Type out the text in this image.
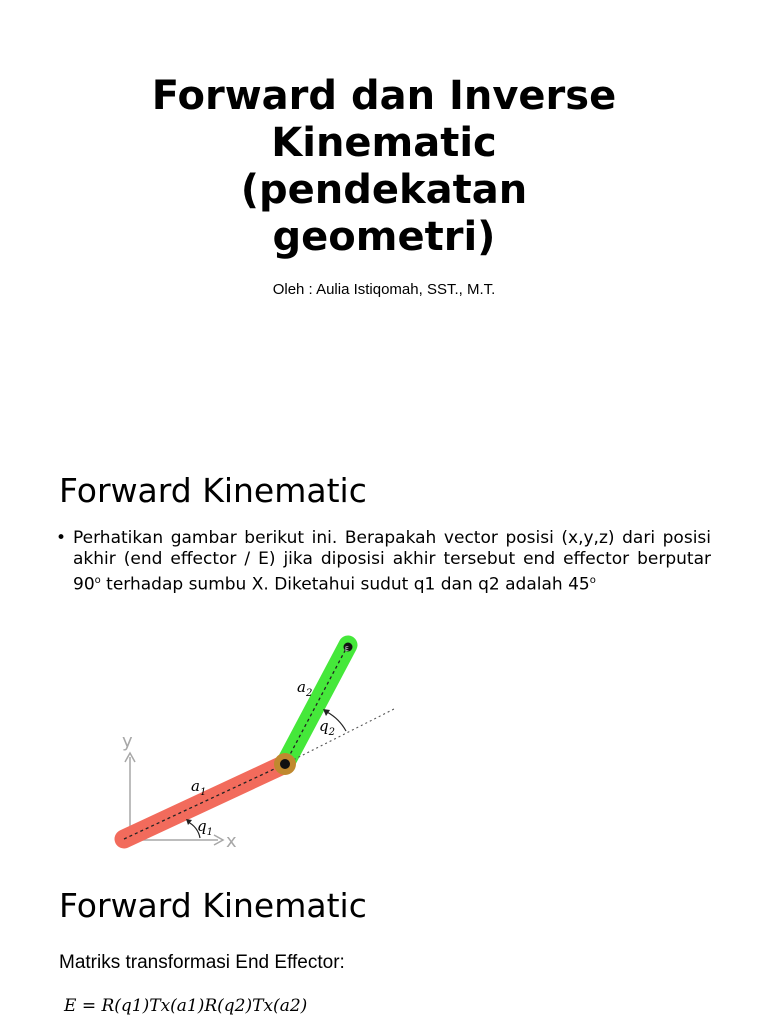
Forward dan Inverse
Kinematic
(pendekatan
geometri)
Oleh : Aulia Istiqomah, SST., M.T.
Forward Kinematic
• Perhatikan gambar berikut ini. Berapakah vector posisi (x,y,z) dari posisi akhir (end effector / E) jika diposisi akhir tersebut end effector berputar 90$^o$ terhadap sumbu X. Diketahui sudut q1 dan q2 adalah 45$^o$
y
x
E
$a_2$
$q_2$
$a_1$
$q_1$
Forward Kinematic
Matriks transformasi End Effector:
E = R(q1)Tx(a1)R(q2)Tx(a2)
